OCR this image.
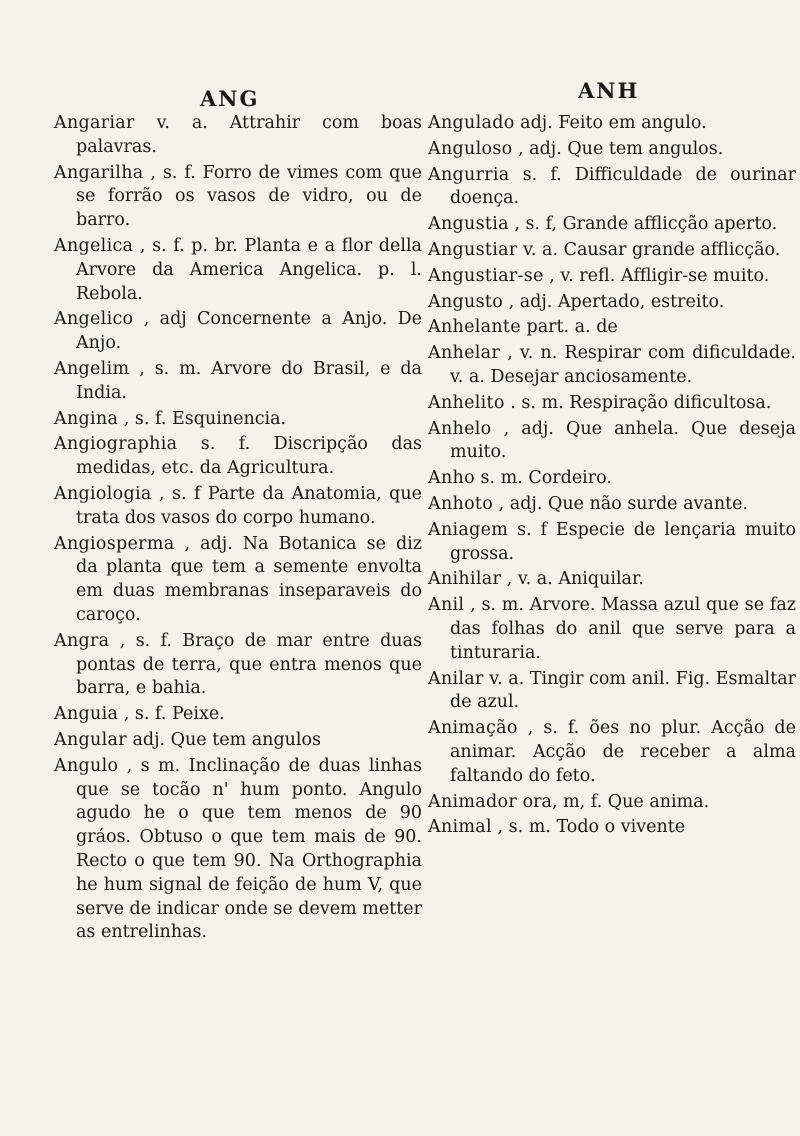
ANG	ANH

Angariar v. a. Attrahir com boas palavras.

Angarilha , s. f. Forro de vimes com que se forrão os vasos de vidro, ou de barro.

Angelica , s. f. p. br. Planta e a flor della Arvore da America Angelica. p. l. Rebola.

Angelico , adj Concernente a Anjo. De Anjo.

Angelim , s. m. Arvore do Brasil, e da India.

Angina , s. f. Esquinencia.

Angiographia s. f. Discripção das medidas, etc. da Agricultura.

Angiologia , s. f Parte da Anatomia, que trata dos vasos do corpo humano.

Angiosperma , adj. Na Botanica se diz da planta que tem a semente envolta em duas membranas inseparaveis do caroço.

Angra , s. f. Braço de mar entre duas pontas de terra, que entra menos que barra, e bahia.

Anguia , s. f. Peixe.

Angular adj. Que tem angulos

Angulo , s m. Inclinação de duas linhas que se tocão n' hum ponto. Angulo agudo he o que tem menos de 90 gráos. Obtuso o que tem mais de 90. Recto o que tem 90. Na Orthographia he hum signal de feição de hum V, que serve de indicar onde se devem metter as entrelinhas.

Angulado adj. Feito em angulo.

Anguloso , adj. Que tem angulos.

Angurria s. f. Difficuldade de ourinar doença.

Angustia , s. f, Grande afflicção aperto.

Angustiar v. a. Causar grande afflicção.

Angustiar-se , v. refl. Affligir-se muito.

Angusto , adj. Apertado, estreito.

Anhelante part. a. de

Anhelar , v. n. Respirar com dificuldade. v. a. Desejar anciosamente.

Anhelito . s. m. Respiração dificultosa.

Anhelo , adj. Que anhela. Que deseja muito.

Anho s. m. Cordeiro.

Anhoto , adj. Que não surde avante.

Aniagem s. f Especie de lençaria muito grossa.

Anihilar , v. a. Aniquilar.

Anil , s. m. Arvore. Massa azul que se faz das folhas do anil que serve para a tinturaria.

Anilar v. a. Tingir com anil. Fig. Esmaltar de azul.

Animação , s. f. ões no plur. Acção de animar. Acção de receber a alma faltando do feto.

Animador ora, m, f. Que anima.

Animal , s. m. Todo o vivente
